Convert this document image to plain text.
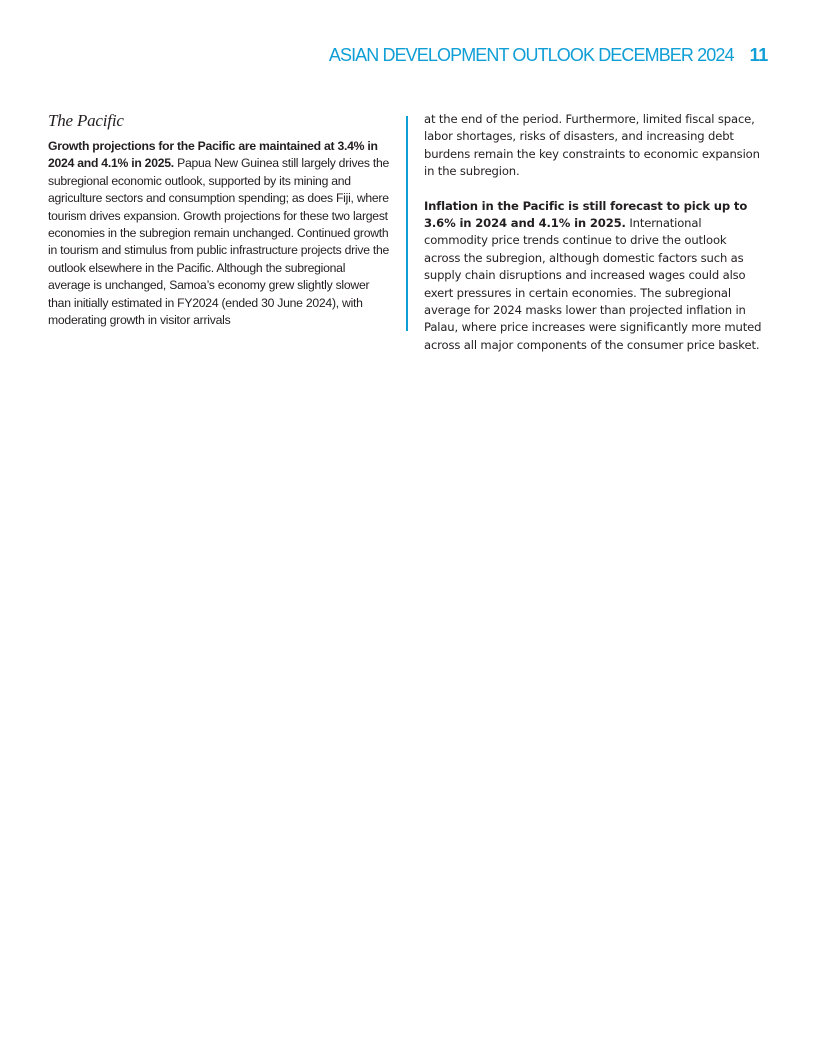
ASIAN DEVELOPMENT OUTLOOK DECEMBER 2024 11
The Pacific

Growth projections for the Pacific are maintained at 3.4% in 2024 and 4.1% in 2025. Papua New Guinea still largely drives the subregional economic outlook, supported by its mining and agriculture sectors and consumption spending; as does Fiji, where tourism drives expansion. Growth projections for these two largest economies in the subregion remain unchanged. Continued growth in tourism and stimulus from public infrastructure projects drive the outlook elsewhere in the Pacific. Although the subregional average is unchanged, Samoa’s economy grew slightly slower than initially estimated in FY2024 (ended 30 June 2024), with moderating growth in visitor arrivals

at the end of the period. Furthermore, limited fiscal space, labor shortages, risks of disasters, and increasing debt burdens remain the key constraints to economic expansion in the subregion.

Inflation in the Pacific is still forecast to pick up to 3.6% in 2024 and 4.1% in 2025. International commodity price trends continue to drive the outlook across the subregion, although domestic factors such as supply chain disruptions and increased wages could also exert pressures in certain economies. The subregional average for 2024 masks lower than projected inflation in Palau, where price increases were significantly more muted across all major components of the consumer price basket.
